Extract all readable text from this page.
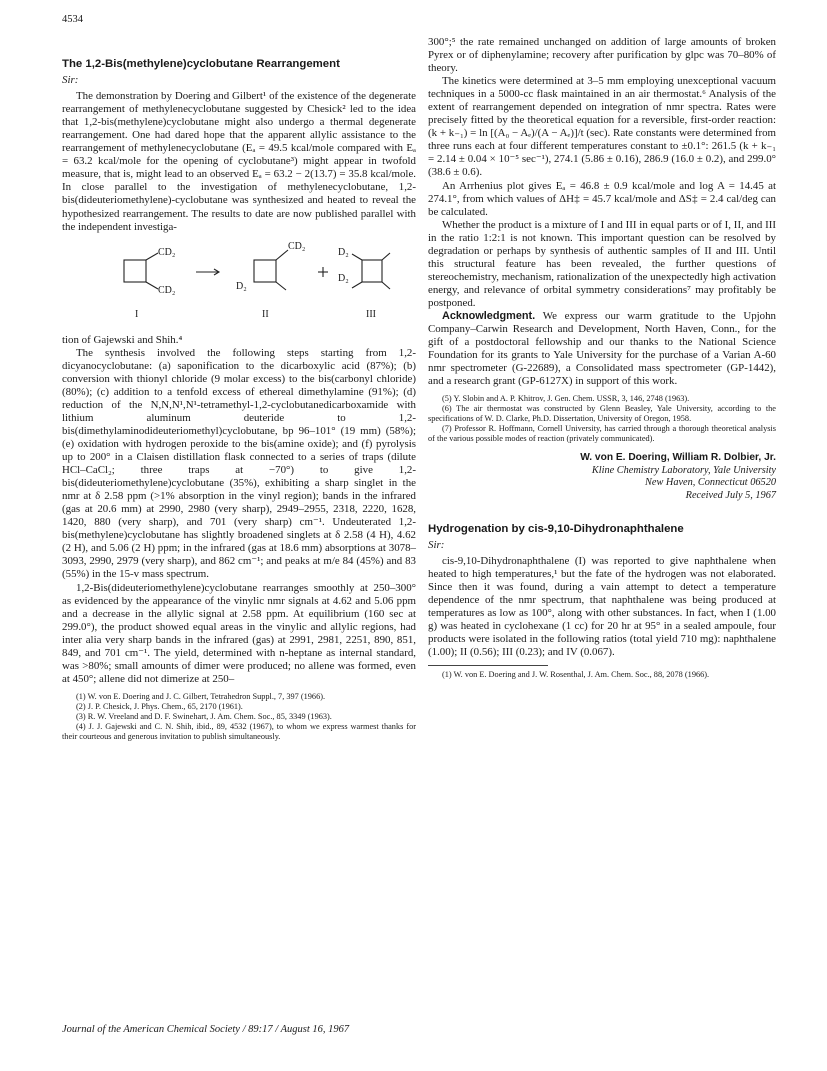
4534
The 1,2-Bis(methylene)cyclobutane Rearrangement
Sir:

The demonstration by Doering and Gilbert¹ of the existence of the degenerate rearrangement of methylenecyclobutane suggested by Chesick² led to the idea that 1,2-bis(methylene)cyclobutane might also undergo a thermal degenerate rearrangement. One had dared hope that the apparent allylic assistance to the rearrangement of methylenecyclobutane (Eₐ = 49.5 kcal/mole compared with Eₐ = 63.2 kcal/mole for the opening of cyclobutane³) might appear in twofold measure, that is, might lead to an observed Eₐ = 63.2 − 2(13.7) = 35.8 kcal/mole. In close parallel to the investigation of methylenecyclobutane, 1,2-bis(dideuteriomethylene)-cyclobutane was synthesized and heated to reveal the hypothesized rearrangement. The results to date are now published parallel with the independent investiga-

CD₂
CD₂
CD₂
D₂
D₂
D₂
I	II	III

tion of Gajewski and Shih.⁴

The synthesis involved the following steps starting from 1,2-dicyanocyclobutane: (a) saponification to the dicarboxylic acid (87%); (b) conversion with thionyl chloride (9 molar excess) to the bis(carbonyl chloride) (80%); (c) addition to a tenfold excess of ethereal dimethylamine (91%); (d) reduction of the N,N,N¹,N¹-tetramethyl-1,2-cyclobutanedicarboxamide with lithium aluminum deuteride to 1,2-bis(dimethylaminodideuteriomethyl)cyclobutane, bp 96–101° (19 mm) (58%); (e) oxidation with hydrogen peroxide to the bis(amine oxide); and (f) pyrolysis up to 200° in a Claisen distillation flask connected to a series of traps (dilute HCl–CaCl₂; three traps at −70°) to give 1,2-bis(dideuteriomethylene)cyclobutane (35%), exhibiting a sharp singlet in the nmr at δ 2.58 ppm (>1% absorption in the vinyl region); bands in the infrared (gas at 20.6 mm) at 2990, 2980 (very sharp), 2949–2955, 2318, 2220, 1628, 1420, 880 (very sharp), and 701 (very sharp) cm⁻¹. Undeuterated 1,2-bis(methylene)cyclobutane has slightly broadened singlets at δ 2.58 (4 H), 4.62 (2 H), and 5.06 (2 H) ppm; in the infrared (gas at 18.6 mm) absorptions at 3078–3093, 2990, 2979 (very sharp), and 862 cm⁻¹; and peaks at m/e 84 (45%) and 83 (55%) in the 15-v mass spectrum.

1,2-Bis(dideuteriomethylene)cyclobutane rearranges smoothly at 250–300° as evidenced by the appearance of the vinylic nmr signals at 4.62 and 5.06 ppm and a decrease in the allylic signal at 2.58 ppm. At equilibrium (160 sec at 299.0°), the product showed equal areas in the vinylic and allylic regions, had inter alia very sharp bands in the infrared (gas) at 2991, 2981, 2251, 890, 851, 849, and 701 cm⁻¹. The yield, determined with n-heptane as internal standard, was >80%; small amounts of dimer were produced; no allene was formed, even at 450°; allene did not dimerize at 250–

(1) W. von E. Doering and J. C. Gilbert, Tetrahedron Suppl., 7, 397 (1966).

(2) J. P. Chesick, J. Phys. Chem., 65, 2170 (1961).

(3) R. W. Vreeland and D. F. Swinehart, J. Am. Chem. Soc., 85, 3349 (1963).

(4) J. J. Gajewski and C. N. Shih, ibid., 89, 4532 (1967), to whom we express warmest thanks for their courteous and generous invitation to publish simultaneously.

300°;⁵ the rate remained unchanged on addition of large amounts of broken Pyrex or of diphenylamine; recovery after purification by glpc was 70–80% of theory.

The kinetics were determined at 3–5 mm employing unexceptional vacuum techniques in a 5000-cc flask maintained in an air thermostat.⁶ Analysis of the extent of rearrangement depended on integration of nmr spectra. Rates were precisely fitted by the theoretical equation for a reversible, first-order reaction: (k + k₋₁) = ln [(A₀ − Aₑ)/(A − Aₑ)]/t (sec). Rate constants were determined from three runs each at four different temperatures constant to ±0.1°: 261.5 (k + k₋₁ = 2.14 ± 0.04 × 10⁻⁵ sec⁻¹), 274.1 (5.86 ± 0.16), 286.9 (16.0 ± 0.2), and 299.0° (38.6 ± 0.6).

An Arrhenius plot gives Eₐ = 46.8 ± 0.9 kcal/mole and log A = 14.45 at 274.1°, from which values of ΔH‡ = 45.7 kcal/mole and ΔS‡ = 2.4 cal/deg can be calculated.

Whether the product is a mixture of I and III in equal parts or of I, II, and III in the ratio 1:2:1 is not known. This important question can be resolved by degradation or perhaps by synthesis of authentic samples of II and III. Until this structural feature has been revealed, the further questions of stereochemistry, mechanism, rationalization of the unexpectedly high activation energy, and relevance of orbital symmetry considerations⁷ may profitably be postponed.

Acknowledgment. We express our warm gratitude to the Upjohn Company–Carwin Research and Development, North Haven, Conn., for the gift of a postdoctoral fellowship and our thanks to the National Science Foundation for its grants to Yale University for the purchase of a Varian A-60 nmr spectrometer (G-22689), a Consolidated mass spectrometer (GP-1442), and a research grant (GP-6127X) in support of this work.

(5) Y. Slobin and A. P. Khitrov, J. Gen. Chem. USSR, 3, 146, 2748 (1963).

(6) The air thermostat was constructed by Glenn Beasley, Yale University, according to the specifications of W. D. Clarke, Ph.D. Dissertation, University of Oregon, 1958.

(7) Professor R. Hoffmann, Cornell University, has carried through a thorough theoretical analysis of the various possible modes of reaction (privately communicated).

W. von E. Doering, William R. Dolbier, Jr.

Kline Chemistry Laboratory, Yale University

New Haven, Connecticut 06520

Received July 5, 1967

Hydrogenation by cis-9,10-Dihydronaphthalene
Sir:

cis-9,10-Dihydronaphthalene (I) was reported to give naphthalene when heated to high temperatures,¹ but the fate of the hydrogen was not elaborated. Since then it was found, during a vain attempt to detect a temperature dependence of the nmr spectrum, that naphthalene was being produced at temperatures as low as 100°, along with other substances. In fact, when I (1.00 g) was heated in cyclohexane (1 cc) for 20 hr at 95° in a sealed ampoule, four products were isolated in the following ratios (total yield 710 mg): naphthalene (1.00); II (0.56); III (0.23); and IV (0.067).

(1) W. von E. Doering and J. W. Rosenthal, J. Am. Chem. Soc., 88, 2078 (1966).

Journal of the American Chemical Society / 89:17 / August 16, 1967
